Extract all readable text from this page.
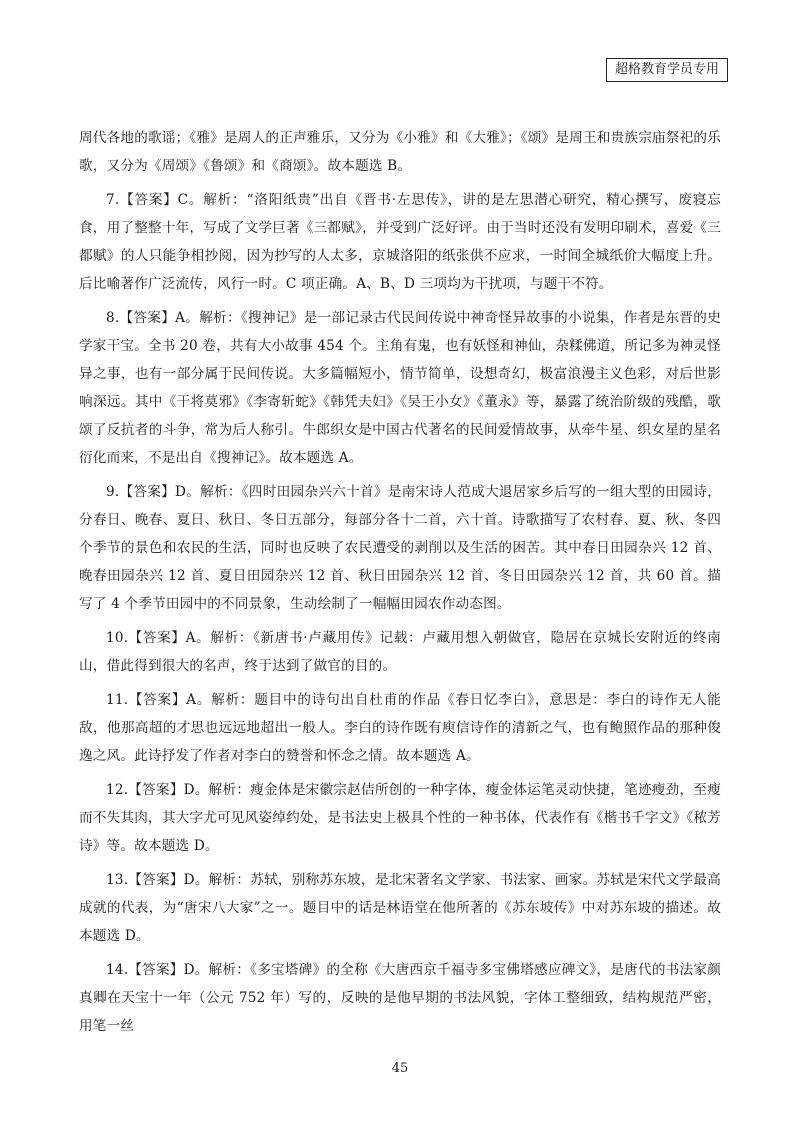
超格教育学员专用

周代各地的歌谣；《雅》是周人的正声雅乐，又分为《小雅》和《大雅》；《颂》是周王和贵族宗庙祭祀的乐歌，又分为《周颂》《鲁颂》和《商颂》。故本题选 B。

7.【答案】C。解析：“洛阳纸贵”出自《晋书·左思传》，讲的是左思潜心研究，精心撰写，废寝忘食，用了整整十年，写成了文学巨著《三都赋》，并受到广泛好评。由于当时还没有发明印刷术，喜爱《三都赋》的人只能争相抄阅，因为抄写的人太多，京城洛阳的纸张供不应求，一时间全城纸价大幅度上升。后比喻著作广泛流传，风行一时。C 项正确。A、B、D 三项均为干扰项，与题干不符。

8.【答案】A。解析：《搜神记》是一部记录古代民间传说中神奇怪异故事的小说集，作者是东晋的史学家干宝。全书 20 卷，共有大小故事 454 个。主角有鬼，也有妖怪和神仙，杂糅佛道，所记多为神灵怪异之事，也有一部分属于民间传说。大多篇幅短小，情节简单，设想奇幻，极富浪漫主义色彩，对后世影响深远。其中《干将莫邪》《李寄斩蛇》《韩凭夫妇》《吴王小女》《董永》等，暴露了统治阶级的残酷，歌颂了反抗者的斗争，常为后人称引。牛郎织女是中国古代著名的民间爱情故事，从牵牛星、织女星的星名衍化而来，不是出自《搜神记》。故本题选 A。

9.【答案】D。解析：《四时田园杂兴六十首》是南宋诗人范成大退居家乡后写的一组大型的田园诗，分春日、晚春、夏日、秋日、冬日五部分，每部分各十二首，六十首。诗歌描写了农村春、夏、秋、冬四个季节的景色和农民的生活，同时也反映了农民遭受的剥削以及生活的困苦。其中春日田园杂兴 12 首、晚春田园杂兴 12 首、夏日田园杂兴 12 首、秋日田园杂兴 12 首、冬日田园杂兴 12 首，共 60 首。描写了 4 个季节田园中的不同景象，生动绘制了一幅幅田园农作动态图。

10.【答案】A。解析：《新唐书·卢藏用传》记载：卢藏用想入朝做官，隐居在京城长安附近的终南山，借此得到很大的名声，终于达到了做官的目的。

11.【答案】A。解析：题目中的诗句出自杜甫的作品《春日忆李白》，意思是：李白的诗作无人能敌，他那高超的才思也远远地超出一般人。李白的诗作既有庾信诗作的清新之气，也有鲍照作品的那种俊逸之风。此诗抒发了作者对李白的赞誉和怀念之情。故本题选 A。

12.【答案】D。解析：瘦金体是宋徽宗赵佶所创的一种字体，瘦金体运笔灵动快捷，笔迹瘦劲，至瘦而不失其肉，其大字尤可见风姿绰约处，是书法史上极具个性的一种书体，代表作有《楷书千字文》《秾芳诗》等。故本题选 D。

13.【答案】D。解析：苏轼，别称苏东坡，是北宋著名文学家、书法家、画家。苏轼是宋代文学最高成就的代表，为“唐宋八大家”之一。题目中的话是林语堂在他所著的《苏东坡传》中对苏东坡的描述。故本题选 D。

14.【答案】D。解析：《多宝塔碑》的全称《大唐西京千福寺多宝佛塔感应碑文》，是唐代的书法家颜真卿在天宝十一年（公元 752 年）写的，反映的是他早期的书法风貌，字体工整细致，结构规范严密，用笔一丝

45
